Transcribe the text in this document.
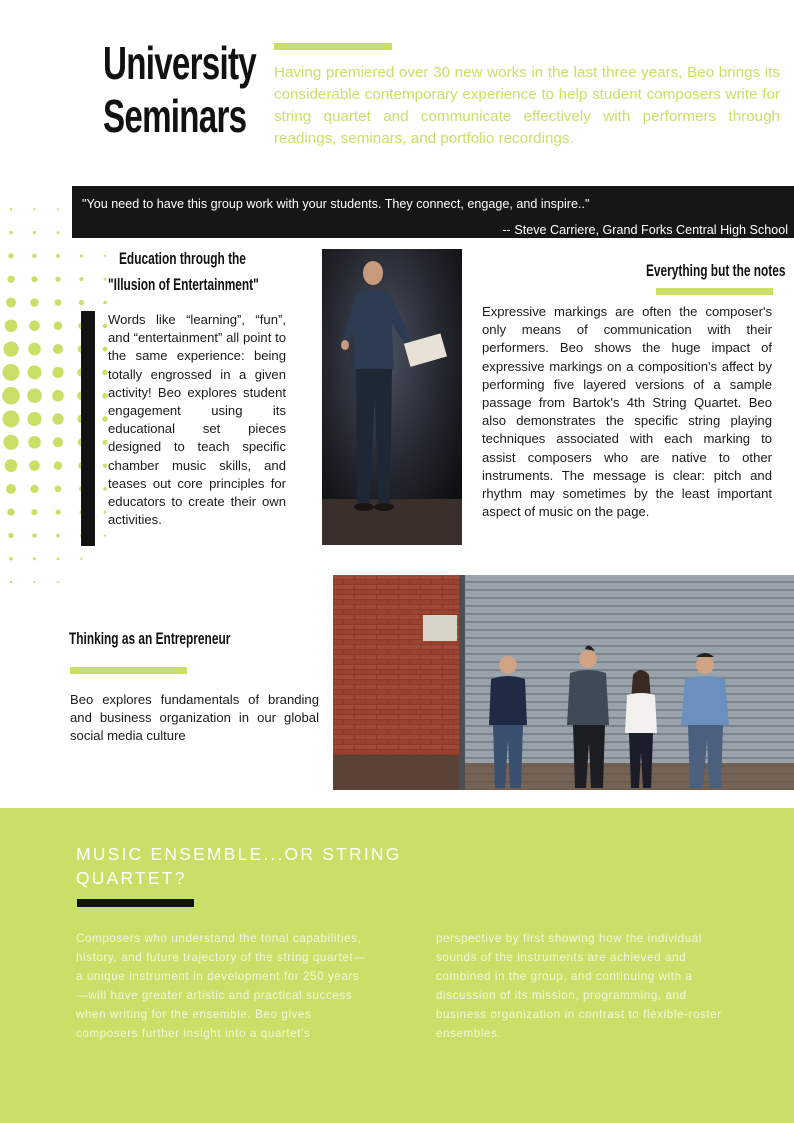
University
Seminars
Having premiered over 30 new works in the last three years, Beo brings its considerable contemporary experience to help student composers write for string quartet and communicate effectively with performers through readings, seminars, and portfolio recordings.
"You need to have this group work with your students. They connect, engage, and inspire.."
-- Steve Carriere, Grand Forks Central High School
Education through the
"Illusion of Entertainment"
Words like “learning”, “fun”, and “entertainment” all point to the same experience: being totally engrossed in a given activity! Beo explores student engagement using its educational set pieces designed to teach specific chamber music skills, and teases out core principles for educators to create their own activities.
Everything but the notes
Expressive markings are often the composer's only means of communication with their performers. Beo shows the huge impact of expressive markings on a composition's affect by performing five layered versions of a sample passage from Bartok's 4th String Quartet. Beo also demonstrates the specific string playing techniques associated with each marking to assist composers who are native to other instruments. The message is clear: pitch and rhythm may sometimes by the least important aspect of music on the page.
Thinking as an Entrepreneur
Beo explores fundamentals of branding and business organization in our global social media culture
MUSIC ENSEMBLE...OR STRING QUARTET?
Composers who understand the tonal capabilities, history, and future trajectory of the string quartet—a unique instrument in development for 250 years—will have greater artistic and practical success when writing for the ensemble. Beo gives composers further insight into a quartet's
perspective by first showing how the individual sounds of the instruments are achieved and combined in the group, and continuing with a discussion of its mission, programming, and business organization in contrast to flexible-roster ensembles.
